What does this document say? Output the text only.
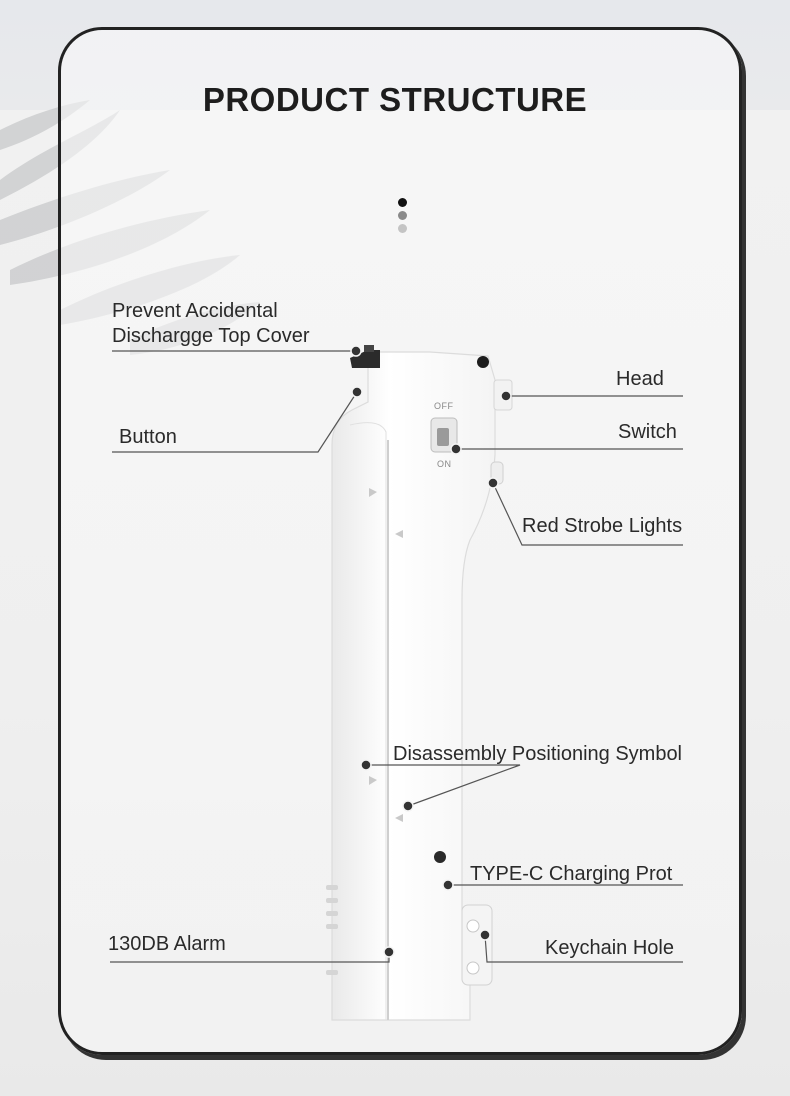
PRODUCT STRUCTURE
OFF
ON
Prevent Accidental
Dischargge Top Cover
Head
Button	Switch
Red Strobe Lights
Disassembly Positioning Symbol
TYPE-C Charging Prot
130DB Alarm	Keychain Hole
